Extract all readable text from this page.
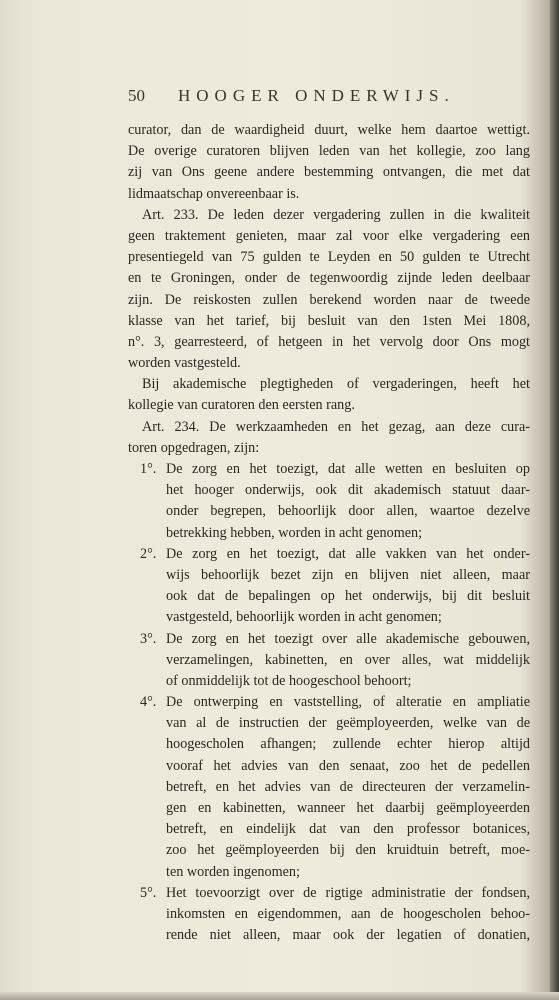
50 HOOGER ONDERWIJS.
curator, dan de waardigheid duurt, welke hem daartoe wettigt.
De overige curatoren blijven leden van het kollegie, zoo lang
zij van Ons geene andere bestemming ontvangen, die met dat
lidmaatschap onvereenbaar is.
Art. 233. De leden dezer vergadering zullen in die kwaliteit
geen traktement genieten, maar zal voor elke vergadering een
presentiegeld van 75 gulden te Leyden en 50 gulden te Utrecht
en te Groningen, onder de tegenwoordig zijnde leden deelbaar
zijn. De reiskosten zullen berekend worden naar de tweede
klasse van het tarief, bij besluit van den 1sten Mei 1808,
n°. 3, gearresteerd, of hetgeen in het vervolg door Ons mogt
worden vastgesteld.
Bij akademische plegtigheden of vergaderingen, heeft het
kollegie van curatoren den eersten rang.
Art. 234. De werkzaamheden en het gezag, aan deze cura-
toren opgedragen, zijn:
1°. De zorg en het toezigt, dat alle wetten en besluiten op
het hooger onderwijs, ook dit akademisch statuut daar-
onder begrepen, behoorlijk door allen, waartoe dezelve
betrekking hebben, worden in acht genomen;
2°. De zorg en het toezigt, dat alle vakken van het onder-
wijs behoorlijk bezet zijn en blijven niet alleen, maar
ook dat de bepalingen op het onderwijs, bij dit besluit
vastgesteld, behoorlijk worden in acht genomen;
3°. De zorg en het toezigt over alle akademische gebouwen,
verzamelingen, kabinetten, en over alles, wat middelijk
of onmiddelijk tot de hoogeschool behoort;
4°. De ontwerping en vaststelling, of alteratie en ampliatie
van al de instructien der geëmployeerden, welke van de
hoogescholen afhangen; zullende echter hierop altijd
vooraf het advies van den senaat, zoo het de pedellen
betreft, en het advies van de directeuren der verzamelin-
gen en kabinetten, wanneer het daarbij geëmployeerden
betreft, en eindelijk dat van den professor botanices,
zoo het geëmployeerden bij den kruidtuin betreft, moe-
ten worden ingenomen;
5°. Het toevoorzigt over de rigtige administratie der fondsen,
inkomsten en eigendommen, aan de hoogescholen behoo-
rende niet alleen, maar ook der legatien of donatien,
